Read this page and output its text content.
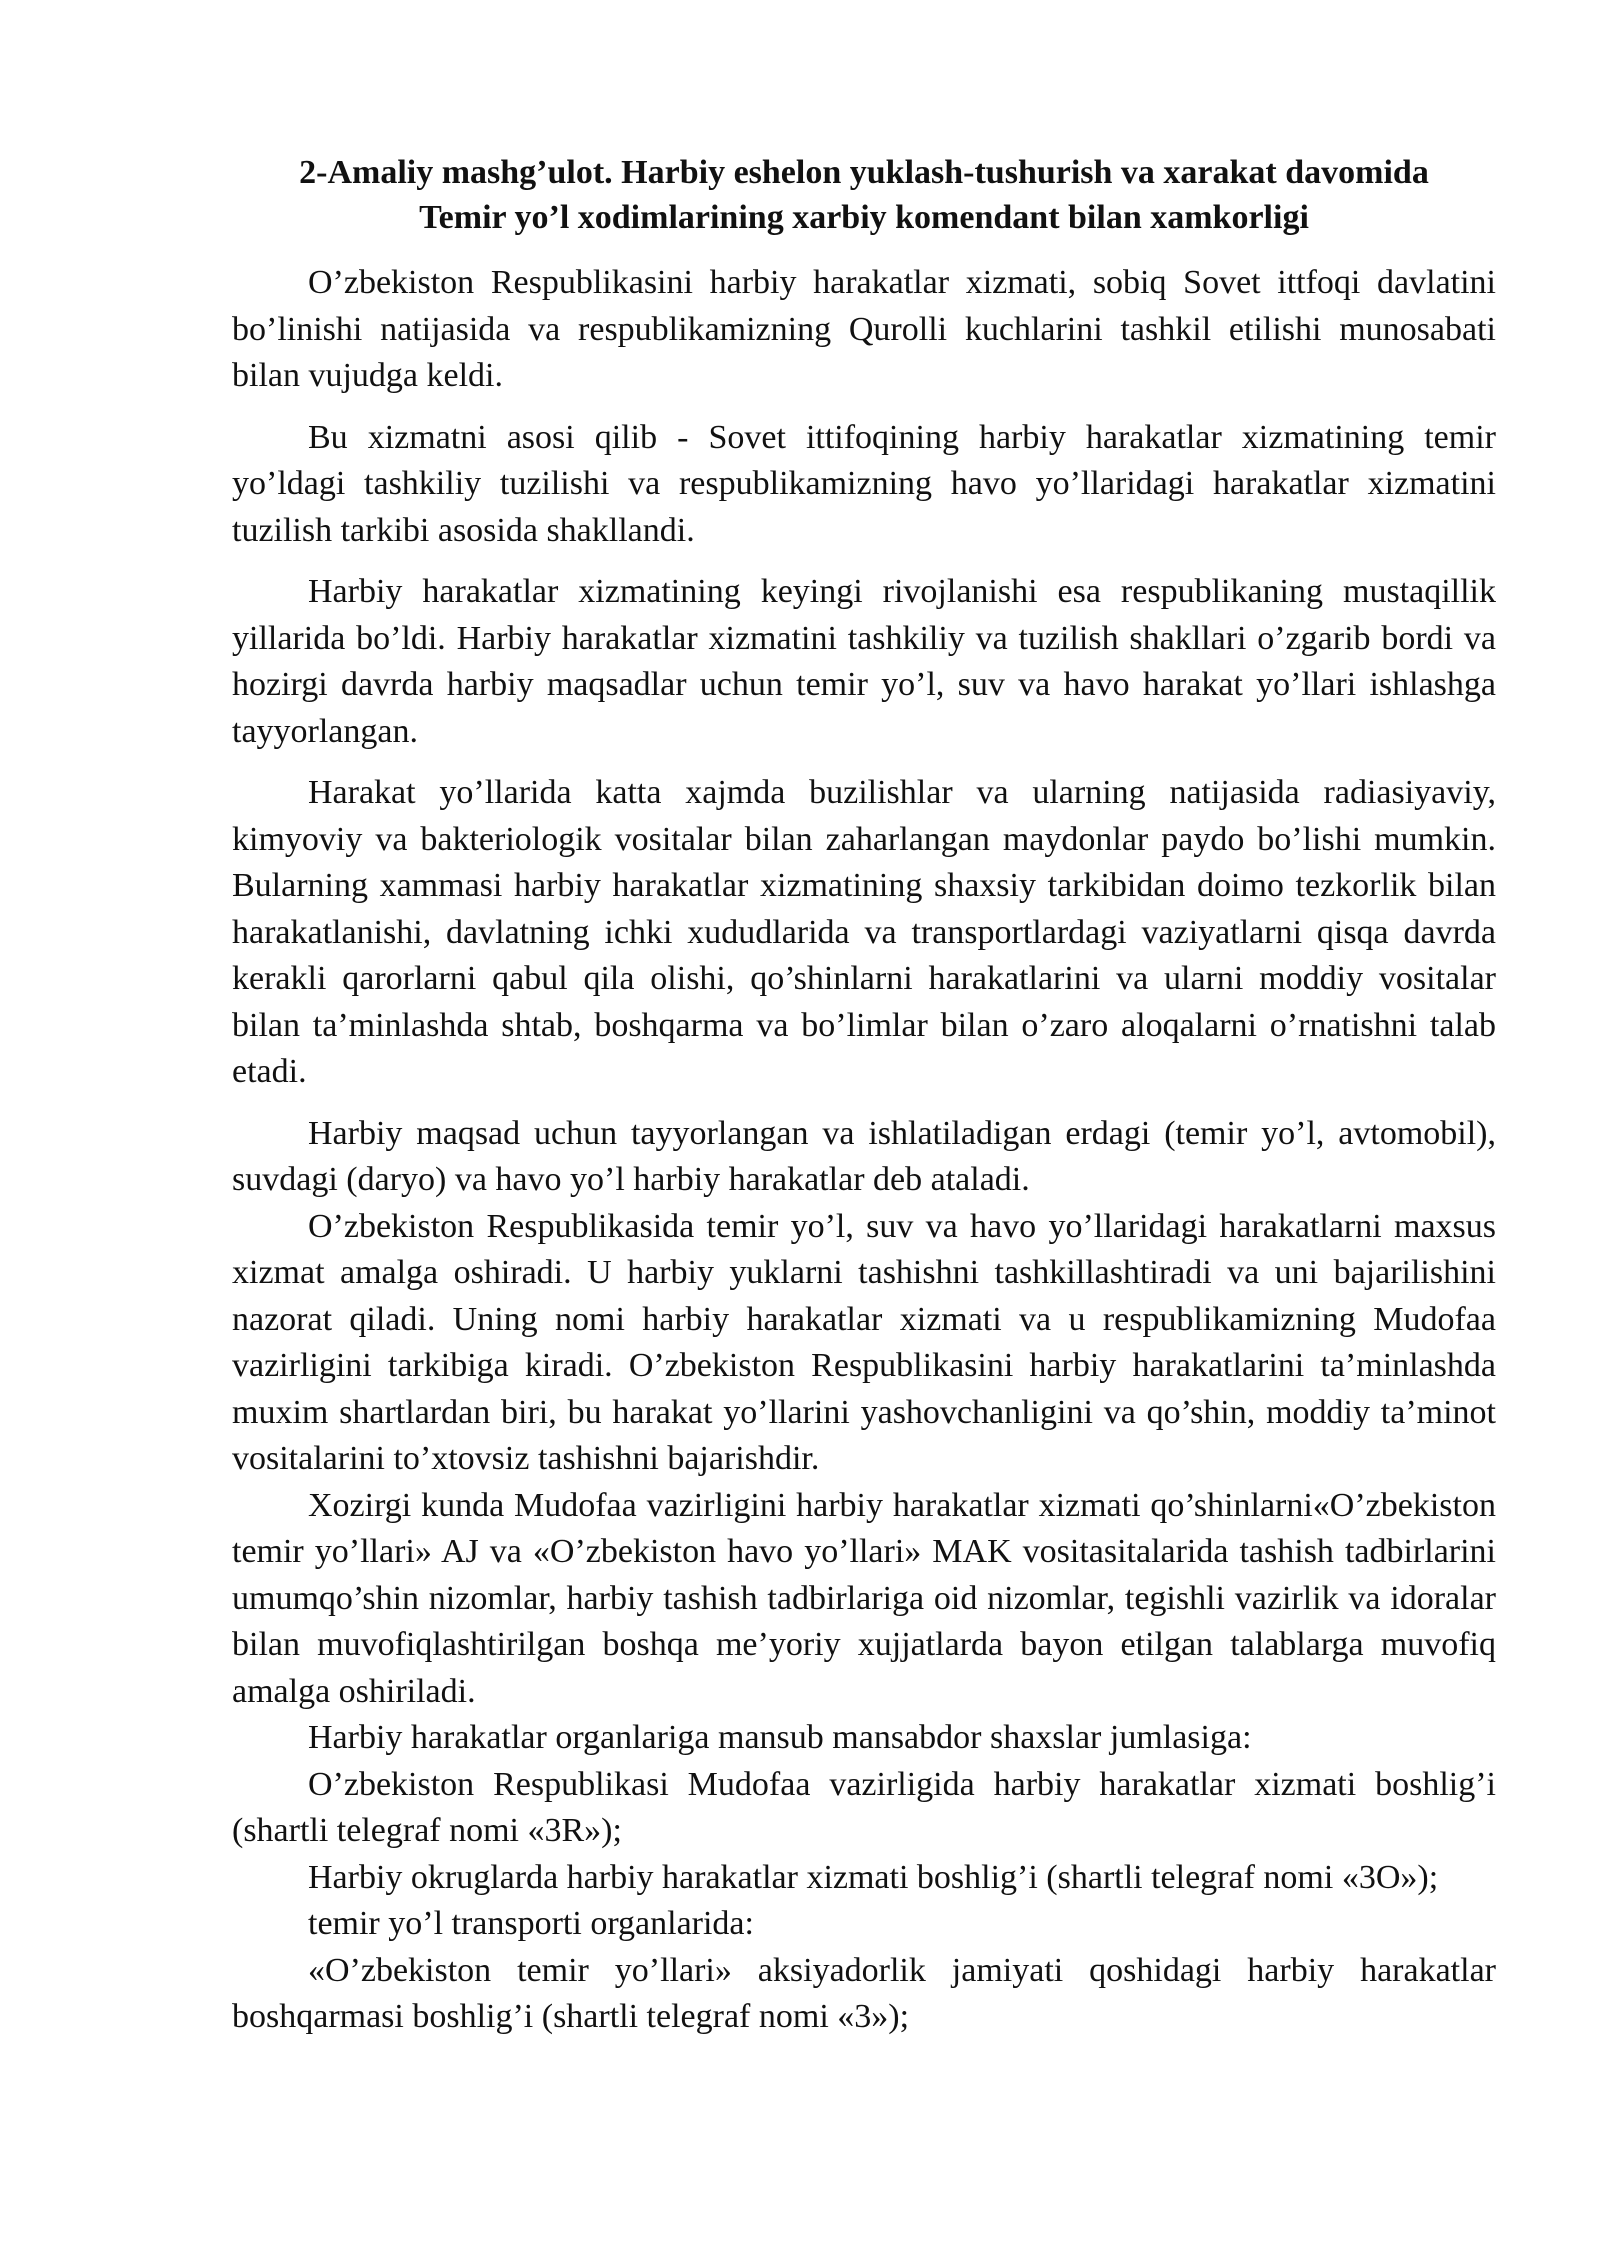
2-Amaliy mashg’ulot. Harbiy eshelon yuklash-tushurish va xarakat davomida
Temir yo’l xodimlarining xarbiy komendant bilan xamkorligi

O’zbekiston Respublikasini harbiy harakatlar xizmati, sobiq Sovet ittfoqi davlatini bo’linishi natijasida va respublikamizning Qurolli kuchlarini tashkil etilishi munosabati bilan vujudga keldi.

Bu xizmatni asosi qilib - Sovet ittifoqining harbiy harakatlar xizmatining temir yo’ldagi tashkiliy tuzilishi va respublikamizning havo yo’llaridagi harakatlar xizmatini tuzilish tarkibi asosida shakllandi.

Harbiy harakatlar xizmatining keyingi rivojlanishi esa respublikaning mustaqillik yillarida bo’ldi. Harbiy harakatlar xizmatini tashkiliy va tuzilish shakllari o’zgarib bordi va hozirgi davrda harbiy maqsadlar uchun temir yo’l, suv va havo harakat yo’llari ishlashga tayyorlangan.

Harakat yo’llarida katta xajmda buzilishlar va ularning natijasida radiasiyaviy, kimyoviy va bakteriologik vositalar bilan zaharlangan maydonlar paydo bo’lishi mumkin. Bularning xammasi harbiy harakatlar xizmatining shaxsiy tarkibidan doimo tezkorlik bilan harakatlanishi, davlatning ichki xududlarida va transportlardagi vaziyatlarni qisqa davrda kerakli qarorlarni qabul qila olishi, qo’shinlarni harakatlarini va ularni moddiy vositalar bilan ta’minlashda shtab, boshqarma va bo’limlar bilan o’zaro aloqalarni o’rnatishni talab etadi.

Harbiy maqsad uchun tayyorlangan va ishlatiladigan erdagi (temir yo’l, avtomobil), suvdagi (daryo) va havo yo’l harbiy harakatlar deb ataladi.

O’zbekiston Respublikasida temir yo’l, suv va havo yo’llaridagi harakatlarni maxsus xizmat amalga oshiradi. U harbiy yuklarni tashishni tashkillashtiradi va uni bajarilishini nazorat qiladi. Uning nomi harbiy harakatlar xizmati va u respublikamizning Mudofaa vazirligini tarkibiga kiradi. O’zbekiston Respublikasini harbiy harakatlarini ta’minlashda muxim shartlardan biri, bu harakat yo’llarini yashovchanligini va qo’shin, moddiy ta’minot vositalarini to’xtovsiz tashishni bajarishdir.

Xozirgi kunda Mudofaa vazirligini harbiy harakatlar xizmati qo’shinlarni«O’zbekiston temir yo’llari» AJ va «O’zbekiston havo yo’llari» MAK vositasitalarida tashish tadbirlarini umumqo’shin nizomlar, harbiy tashish tadbirlariga oid nizomlar, tegishli vazirlik va idoralar bilan muvofiqlashtirilgan boshqa me’yoriy xujjatlarda bayon etilgan talablarga muvofiq amalga oshiriladi.

Harbiy harakatlar organlariga mansub mansabdor shaxslar jumlasiga:

O’zbekiston Respublikasi Mudofaa vazirligida harbiy harakatlar xizmati boshlig’i (shartli telegraf nomi «3R»);

Harbiy okruglarda harbiy harakatlar xizmati boshlig’i (shartli telegraf nomi «3O»);

temir yo’l transporti organlarida:

«O’zbekiston temir yo’llari» aksiyadorlik jamiyati qoshidagi harbiy harakatlar boshqarmasi boshlig’i (shartli telegraf nomi «3»);
